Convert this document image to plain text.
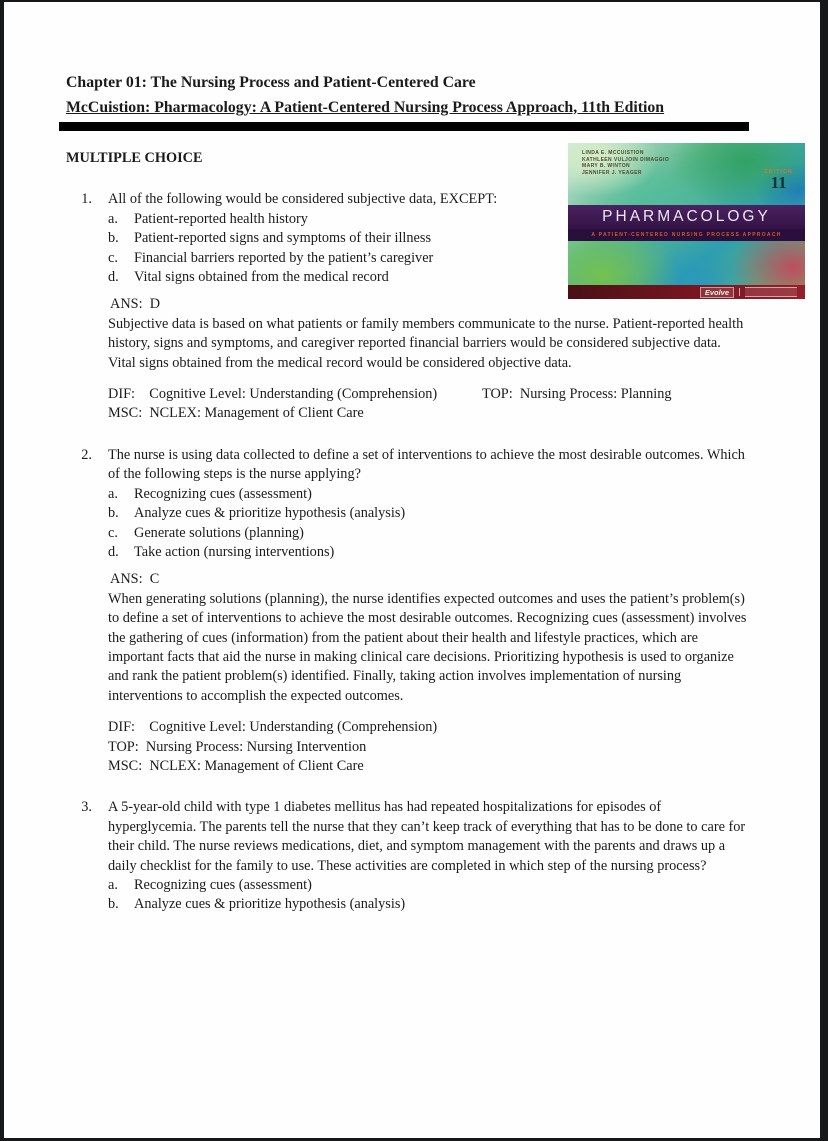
Chapter 01: The Nursing Process and Patient-Centered Care
McCuistion: Pharmacology: A Patient-Centered Nursing Process Approach, 11th Edition
MULTIPLE CHOICE
1. All of the following would be considered subjective data, EXCEPT:
a.	Patient-reported health history
b.	Patient-reported signs and symptoms of their illness
c.	Financial barriers reported by the patient’s caregiver
d.	Vital signs obtained from the medical record
ANS:  D
Subjective data is based on what patients or family members communicate to the nurse. Patient-reported health history, signs and symptoms, and caregiver reported financial barriers would be considered subjective data. Vital signs obtained from the medical record would be considered objective data.
DIF:    Cognitive Level: Understanding (Comprehension)	TOP:  Nursing Process: Planning
MSC:  NCLEX: Management of Client Care
2. The nurse is using data collected to define a set of interventions to achieve the most desirable outcomes. Which of the following steps is the nurse applying?
a.	Recognizing cues (assessment)
b.	Analyze cues & prioritize hypothesis (analysis)
c.	Generate solutions (planning)
d.	Take action (nursing interventions)
ANS:  C
When generating solutions (planning), the nurse identifies expected outcomes and uses the patient’s problem(s) to define a set of interventions to achieve the most desirable outcomes. Recognizing cues (assessment) involves the gathering of cues (information) from the patient about their health and lifestyle practices, which are important facts that aid the nurse in making clinical care decisions. Prioritizing hypothesis is used to organize and rank the patient problem(s) identified. Finally, taking action involves implementation of nursing interventions to accomplish the expected outcomes.
DIF:    Cognitive Level: Understanding (Comprehension)
TOP:  Nursing Process: Nursing Intervention
MSC:  NCLEX: Management of Client Care
3. A 5-year-old child with type 1 diabetes mellitus has had repeated hospitalizations for episodes of hyperglycemia. The parents tell the nurse that they can’t keep track of everything that has to be done to care for their child. The nurse reviews medications, diet, and symptom management with the parents and draws up a daily checklist for the family to use. These activities are completed in which step of the nursing process?
a.	Recognizing cues (assessment)
b.	Analyze cues & prioritize hypothesis (analysis)
LINDA E. MCCUISTION
KATHLEEN VULJOIN DIMAGGIO
MARY B. WINTON
JENNIFER J. YEAGER	EDITION
11
PHARMACOLOGY
A PATIENT-CENTERED NURSING PROCESS APPROACH
Evolve
